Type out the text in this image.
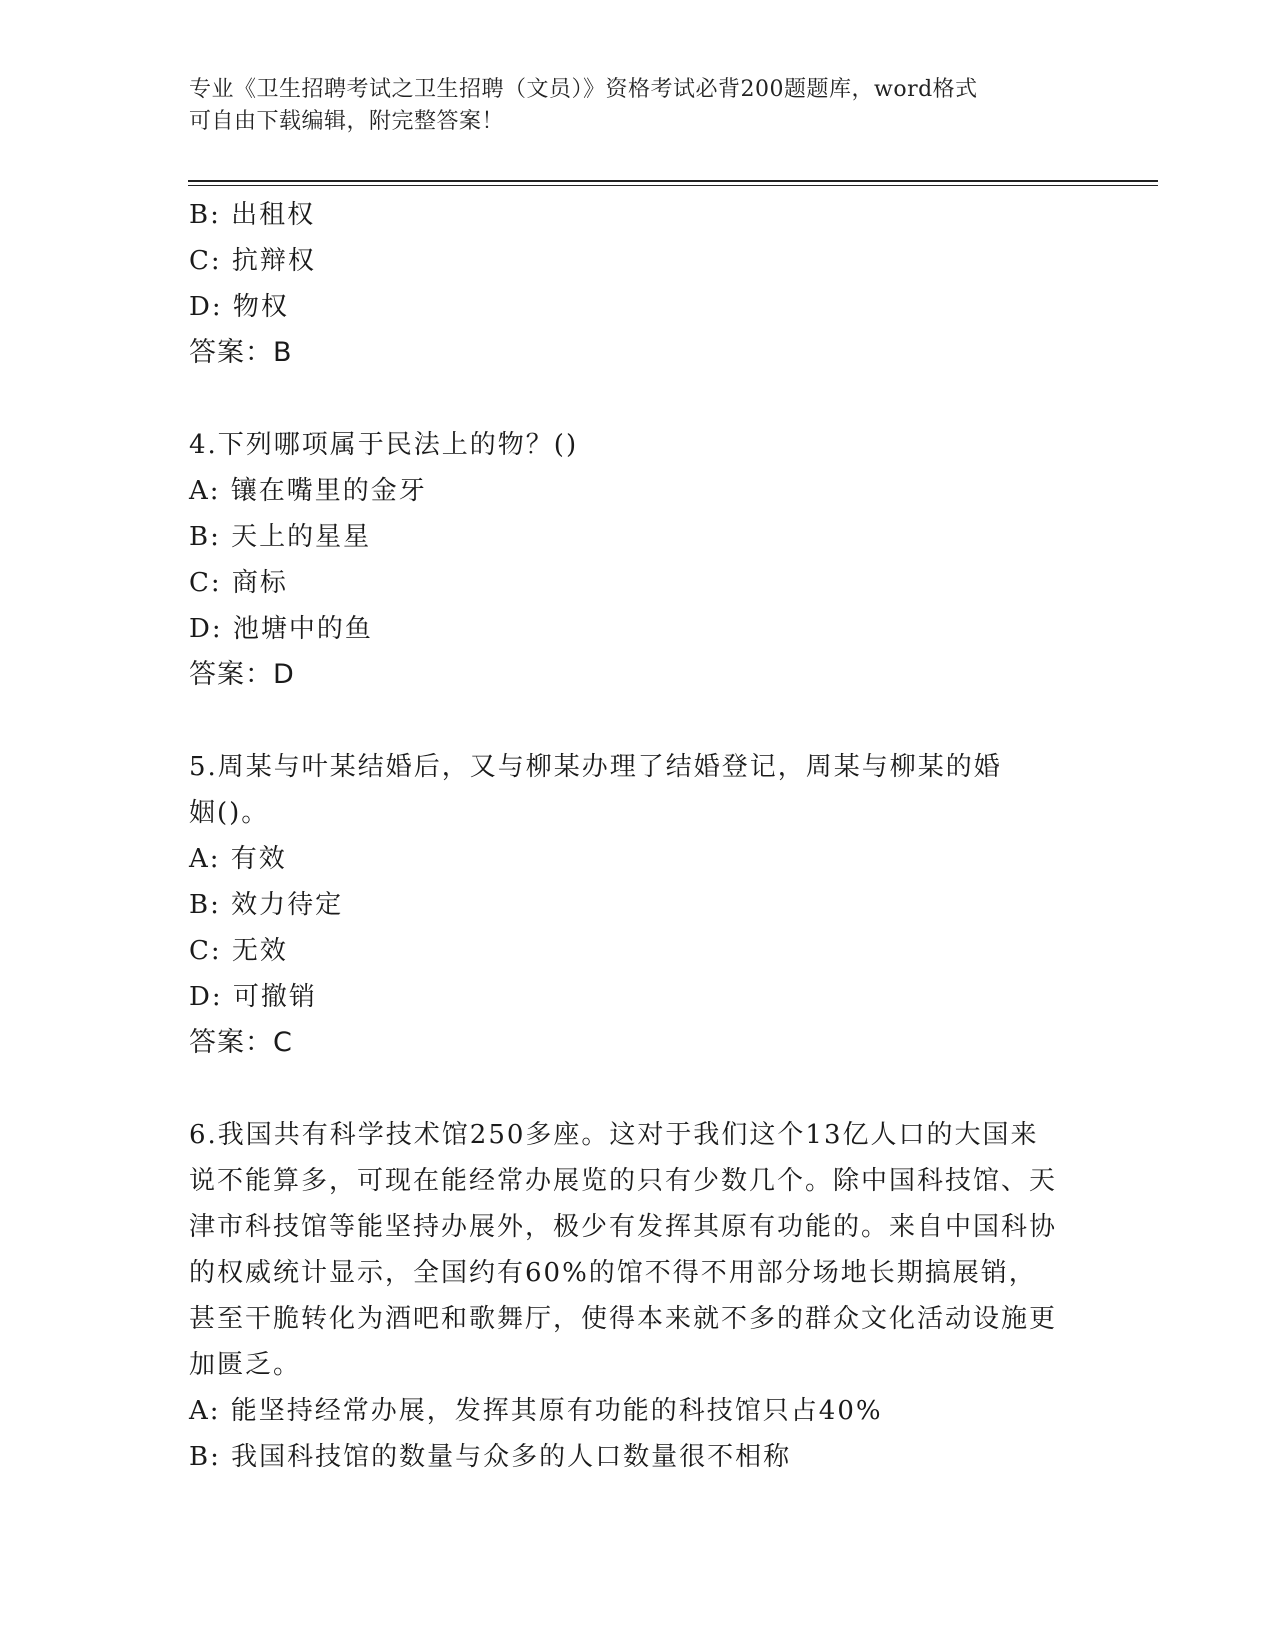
专业《卫生招聘考试之卫生招聘（文员）》资格考试必背200题题库，word格式
可自由下载编辑，附完整答案！
B: 出租权
C: 抗辩权
D: 物权
答案：B
4.下列哪项属于民法上的物？()
A: 镶在嘴里的金牙
B: 天上的星星
C: 商标
D: 池塘中的鱼
答案：D
5.周某与叶某结婚后，又与柳某办理了结婚登记，周某与柳某的婚姻()。
A: 有效
B: 效力待定
C: 无效
D: 可撤销
答案：C
6.我国共有科学技术馆250多座。这对于我们这个13亿人口的大国来说不能算多，可现在能经常办展览的只有少数几个。除中国科技馆、天津市科技馆等能坚持办展外，极少有发挥其原有功能的。来自中国科协的权威统计显示，全国约有60%的馆不得不用部分场地长期搞展销，甚至干脆转化为酒吧和歌舞厅，使得本来就不多的群众文化活动设施更加匮乏。
A: 能坚持经常办展，发挥其原有功能的科技馆只占40%
B: 我国科技馆的数量与众多的人口数量很不相称
